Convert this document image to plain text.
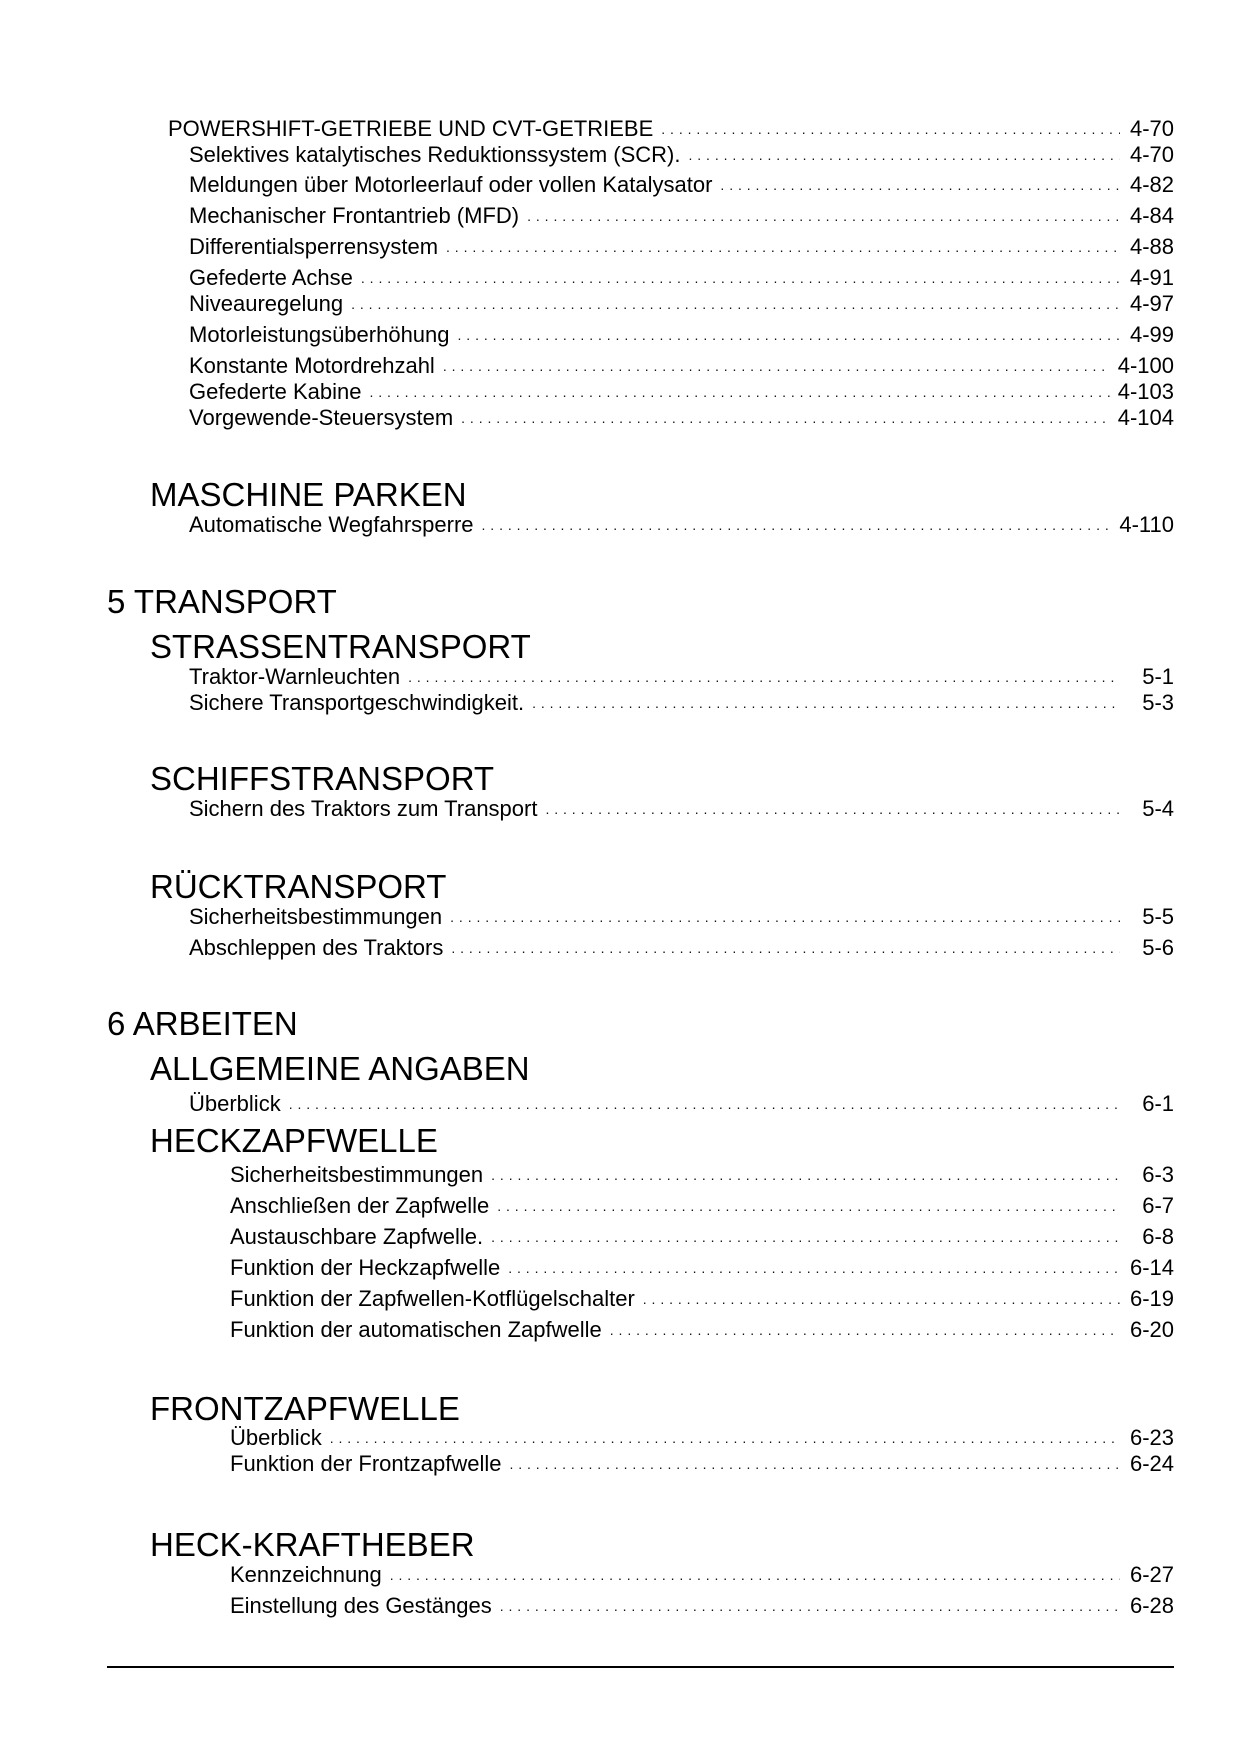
POWERSHIFT-GETRIEBE UND CVT-GETRIEBE . . .	4-70
Selektives katalytisches Reduktionssystem (SCR). . . .	4-70
Meldungen über Motorleerlauf oder vollen Katalysator . . .	4-82
Mechanischer Frontantrieb (MFD) . . .	4-84
Differentialsperrensystem . . .	4-88
Gefederte Achse . . .	4-91
Niveauregelung . . .	4-97
Motorleistungsüberhöhung . . .	4-99
Konstante Motordrehzahl . . .	4-100
Gefederte Kabine . . .	4-103
Vorgewende-Steuersystem . . .	4-104
MASCHINE PARKEN
Automatische Wegfahrsperre . . .	4-110
5 TRANSPORT
STRASSENTRANSPORT
Traktor-Warnleuchten . . .	5-1
Sichere Transportgeschwindigkeit. . . .	5-3
SCHIFFSTRANSPORT
Sichern des Traktors zum Transport . . .	5-4
RÜCKTRANSPORT
Sicherheitsbestimmungen . . .	5-5
Abschleppen des Traktors . . .	5-6
6 ARBEITEN
ALLGEMEINE ANGABEN
Überblick . . .	6-1
HECKZAPFWELLE
Sicherheitsbestimmungen . . .	6-3
Anschließen der Zapfwelle . . .	6-7
Austauschbare Zapfwelle. . . .	6-8
Funktion der Heckzapfwelle . . .	6-14
Funktion der Zapfwellen-Kotflügelschalter . . .	6-19
Funktion der automatischen Zapfwelle . . .	6-20
FRONTZAPFWELLE
Überblick . . .	6-23
Funktion der Frontzapfwelle . . .	6-24
HECK-KRAFTHEBER
Kennzeichnung . . .	6-27
Einstellung des Gestänges . . .	6-28
